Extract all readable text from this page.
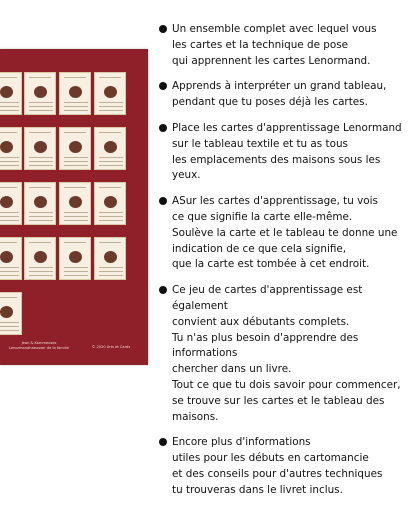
Jean & Kammeuses Lenormandhaeusser de la famille	© 2020 Arts et Cards
Un ensemble complet avec lequel vous
les cartes et la technique de pose
qui apprennent les cartes Lenormand.
Apprends à interpréter un grand tableau,
pendant que tu poses déjà les cartes.
Place les cartes d'apprentissage Lenormand
sur le tableau textile et tu as tous
les emplacements des maisons sous les yeux.
ASur les cartes d'apprentissage, tu vois
ce que signifie la carte elle-même.
Soulève la carte et le tableau te donne une
indication de ce que cela signifie,
que la carte est tombée à cet endroit.
Ce jeu de cartes d'apprentissage est également
convient aux débutants complets.
Tu n'as plus besoin d'apprendre des informations
chercher dans un livre.
Tout ce que tu dois savoir pour commencer,
se trouve sur les cartes et le tableau des maisons.
Encore plus d'informations
utiles pour les débuts en cartomancie
et des conseils pour d'autres techniques
tu trouveras dans le livret inclus.
